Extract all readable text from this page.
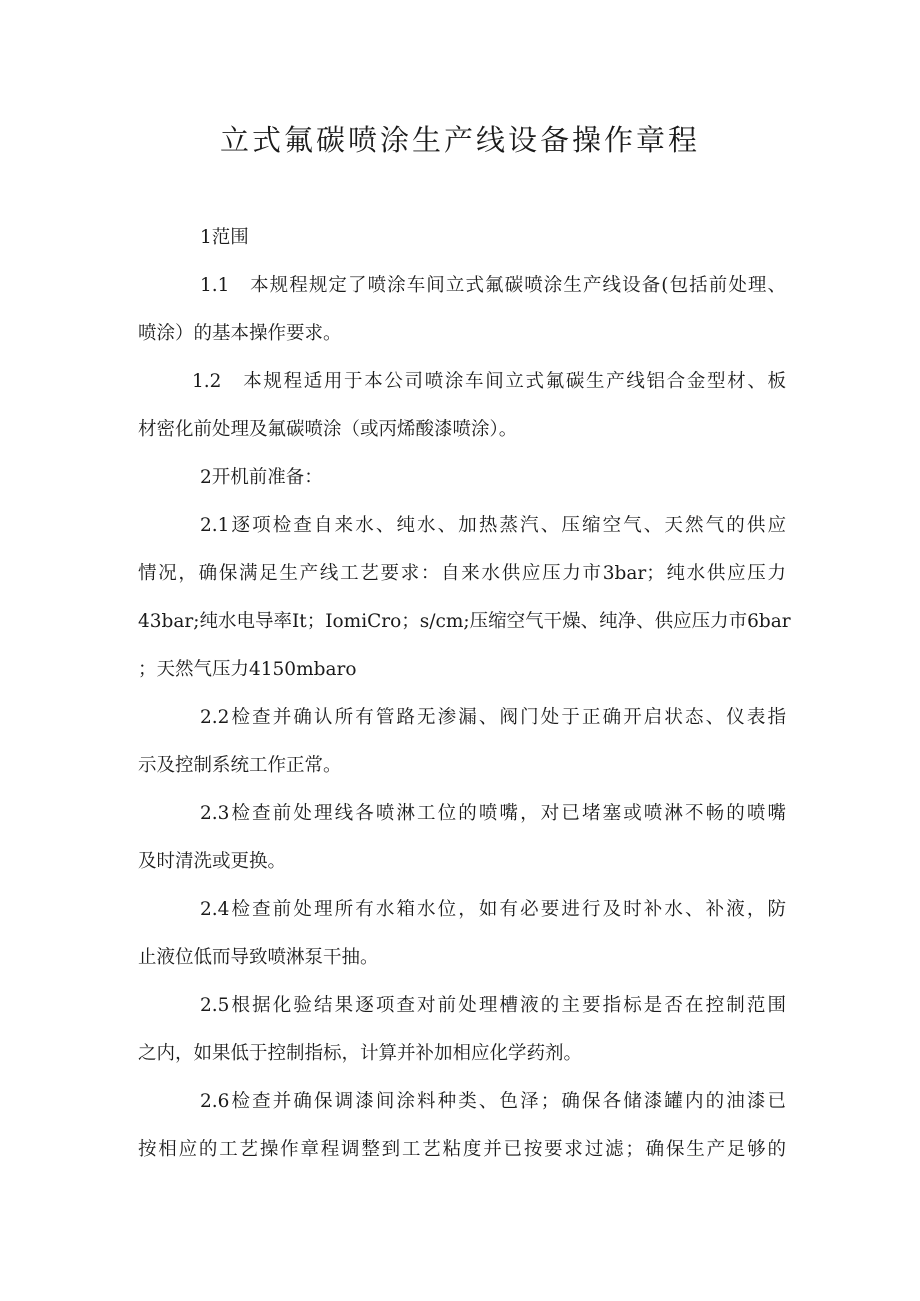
立式氟碳喷涂生产线设备操作章程
1范围
1.1　本规程规定了喷涂车间立式氟碳喷涂生产线设备(包括前处理、
喷涂）的基本操作要求。
1.2　本规程适用于本公司喷涂车间立式氟碳生产线铝合金型材、板
材密化前处理及氟碳喷涂（或丙烯酸漆喷涂）。
2开机前准备：
2.1逐项检查自来水、纯水、加热蒸汽、压缩空气、天然气的供应
情况，确保满足生产线工艺要求：自来水供应压力市3bar；纯水供应压力
43bar;纯水电导率It；IomiCro；s/cm;压缩空气干燥、纯净、供应压力市6bar
；天然气压力4150mbaro
2.2检查并确认所有管路无渗漏、阀门处于正确开启状态、仪表指
示及控制系统工作正常。
2.3检查前处理线各喷淋工位的喷嘴，对已堵塞或喷淋不畅的喷嘴
及时清洗或更换。
2.4检查前处理所有水箱水位，如有必要进行及时补水、补液，防
止液位低而导致喷淋泵干抽。
2.5根据化验结果逐项查对前处理槽液的主要指标是否在控制范围
之内，如果低于控制指标，计算并补加相应化学药剂。
2.6检查并确保调漆间涂料种类、色泽；确保各储漆罐内的油漆已
按相应的工艺操作章程调整到工艺粘度并已按要求过滤；确保生产足够的
